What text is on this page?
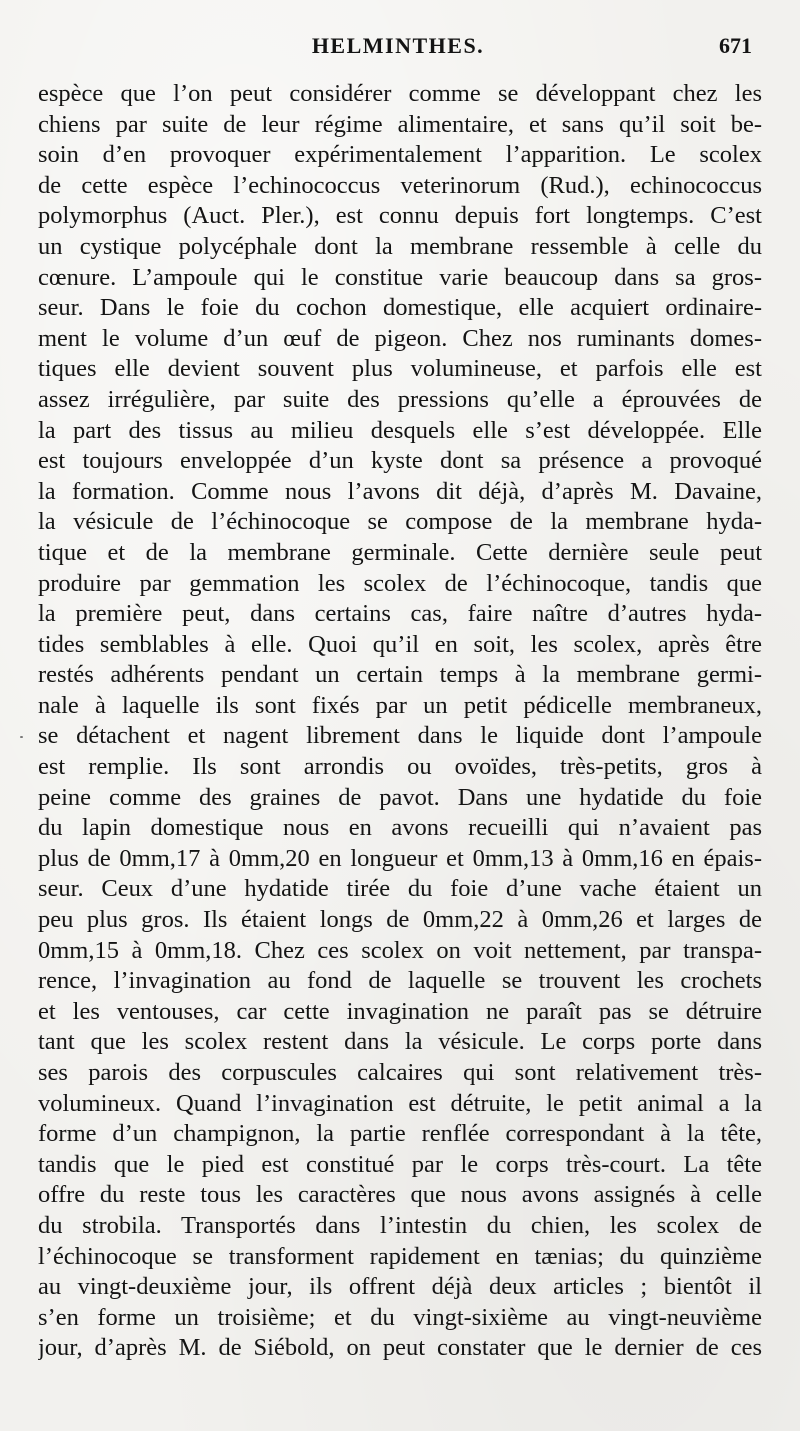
HELMINTHES.	671
espèce que l’on peut considérer comme se développant chez les
chiens par suite de leur régime alimentaire, et sans qu’il soit be-
soin d’en provoquer expérimentalement l’apparition. Le scolex
de cette espèce l’echinococcus veterinorum (Rud.), echinococcus
polymorphus (Auct. Pler.), est connu depuis fort longtemps. C’est
un cystique polycéphale dont la membrane ressemble à celle du
cœnure. L’ampoule qui le constitue varie beaucoup dans sa gros-
seur. Dans le foie du cochon domestique, elle acquiert ordinaire-
ment le volume d’un œuf de pigeon. Chez nos ruminants domes-
tiques elle devient souvent plus volumineuse, et parfois elle est
assez irrégulière, par suite des pressions qu’elle a éprouvées de
la part des tissus au milieu desquels elle s’est développée. Elle
est toujours enveloppée d’un kyste dont sa présence a provoqué
la formation. Comme nous l’avons dit déjà, d’après M. Davaine,
la vésicule de l’échinocoque se compose de la membrane hyda-
tique et de la membrane germinale. Cette dernière seule peut
produire par gemmation les scolex de l’échinocoque, tandis que
la première peut, dans certains cas, faire naître d’autres hyda-
tides semblables à elle. Quoi qu’il en soit, les scolex, après être
restés adhérents pendant un certain temps à la membrane germi-
nale à laquelle ils sont fixés par un petit pédicelle membraneux,
se détachent et nagent librement dans le liquide dont l’ampoule
est remplie. Ils sont arrondis ou ovoïdes, très-petits, gros à
peine comme des graines de pavot. Dans une hydatide du foie
du lapin domestique nous en avons recueilli qui n’avaient pas
plus de 0mm,17 à 0mm,20 en longueur et 0mm,13 à 0mm,16 en épais-
seur. Ceux d’une hydatide tirée du foie d’une vache étaient un
peu plus gros. Ils étaient longs de 0mm,22 à 0mm,26 et larges de
0mm,15 à 0mm,18. Chez ces scolex on voit nettement, par transpa-
rence, l’invagination au fond de laquelle se trouvent les crochets
et les ventouses, car cette invagination ne paraît pas se détruire
tant que les scolex restent dans la vésicule. Le corps porte dans
ses parois des corpuscules calcaires qui sont relativement très-
volumineux. Quand l’invagination est détruite, le petit animal a la
forme d’un champignon, la partie renflée correspondant à la tête,
tandis que le pied est constitué par le corps très-court. La tête
offre du reste tous les caractères que nous avons assignés à celle
du strobila. Transportés dans l’intestin du chien, les scolex de
l’échinocoque se transforment rapidement en tænias; du quinzième
au vingt-deuxième jour, ils offrent déjà deux articles ; bientôt il
s’en forme un troisième; et du vingt-sixième au vingt-neuvième
jour, d’après M. de Siébold, on peut constater que le dernier de ces
